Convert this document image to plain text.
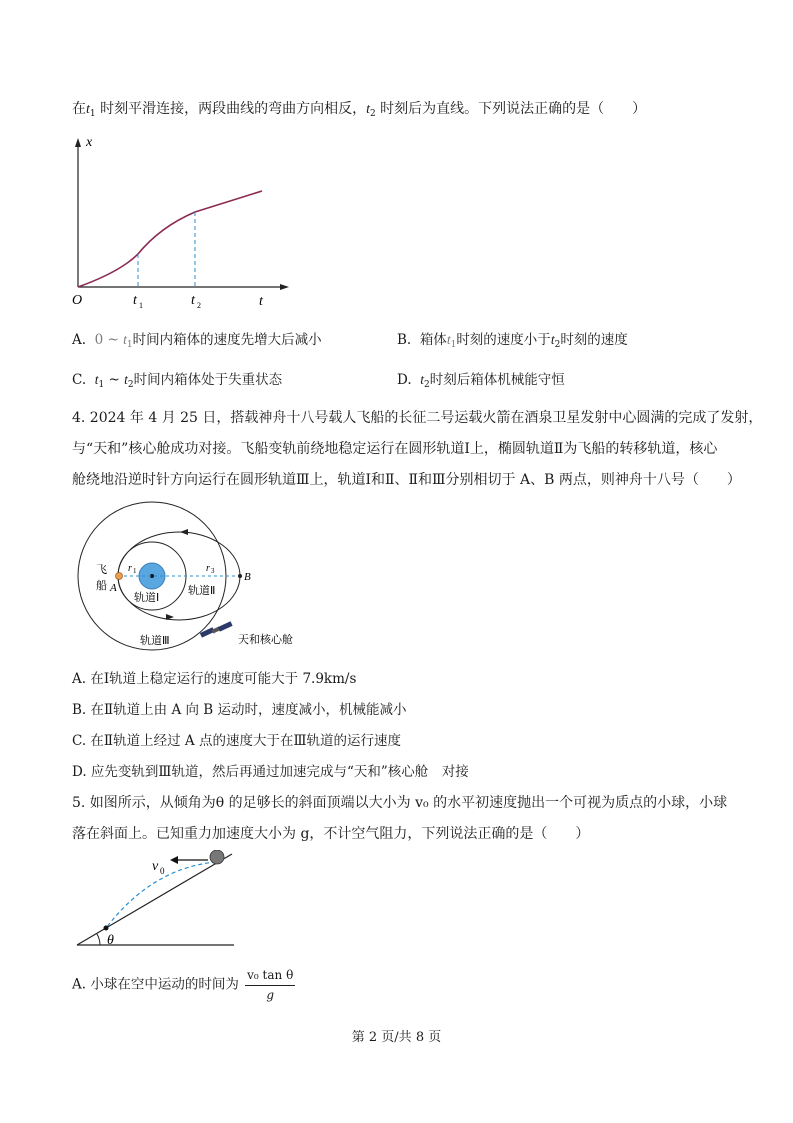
在$t_1$ 时刻平滑连接，两段曲线的弯曲方向相反，$t_2$ 时刻后为直线。下列说法正确的是（　　）
x
t
O	t 1	t 2
A. 0 ~ $t_1$时间内箱体的速度先增大后减小	B. 箱体$t_1$时刻的速度小于$t_2$时刻的速度
C. $t_1$ ~ $t_2$时间内箱体处于失重状态	D. $t_2$时刻后箱体机械能守恒
4. 2024 年 4 月 25 日，搭载神舟十八号载人飞船的长征二号运载火箭在酒泉卫星发射中心圆满的完成了发射，
与“天和”核心舱成功对接。飞船变轨前绕地稳定运行在圆形轨道Ⅰ上，椭圆轨道Ⅱ为飞船的转移轨道，核心
舱绕地沿逆时针方向运行在圆形轨道Ⅲ上，轨道Ⅰ和Ⅱ、Ⅱ和Ⅲ分别相切于 A、B 两点，则神舟十八号（　　）
飞
船 A
B
r 1	r 3
轨道Ⅰ
轨道Ⅱ
轨道Ⅲ	天和核心舱
A. 在Ⅰ轨道上稳定运行的速度可能大于 7.9km/s
B. 在Ⅱ轨道上由 A 向 B 运动时，速度减小，机械能减小
C. 在Ⅱ轨道上经过 A 点的速度大于在Ⅲ轨道的运行速度
D. 应先变轨到Ⅲ轨道，然后再通过加速完成与“天和”核心舱　对接
5. 如图所示，从倾角为θ 的足够长的斜面顶端以大小为 v₀ 的水平初速度抛出一个可视为质点的小球，小球
落在斜面上。已知重力加速度大小为 g，不计空气阻力，下列说法正确的是（　　）
v 0
θ
A. 小球在空中运动的时间为 $\frac{\text{v₀ tan θ}}{g}$
第 2 页/共 8 页
